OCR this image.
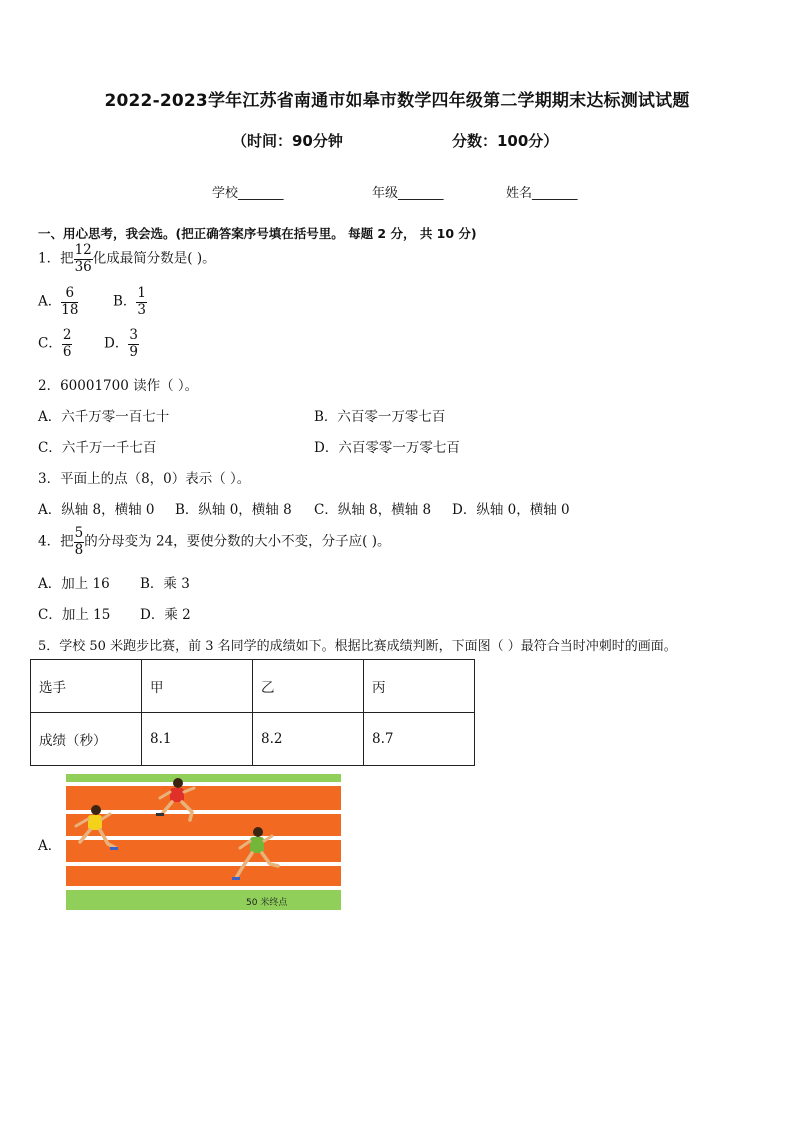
2022-2023学年江苏省南通市如皋市数学四年级第二学期期末达标测试试题
（时间：90分钟	分数：100分）
学校_______	年级_______	姓名_______
一、用心思考，我会选。(把正确答案序号填在括号里。 每题 2 分， 共 10 分)
1．把 $\frac{12}{36}$ 化成最简分数是( )。
A． $\frac{6}{18}$	B． $\frac{1}{3}$
C． $\frac{2}{6}$ D． $\frac{3}{9}$
2．60001700 读作（ ）。
A．六千万零一百七十	B．六百零一万零七百
C．六千万一千七百	D．六百零零一万零七百
3．平面上的点（8，0）表示（ ）。
A．纵轴 8，横轴 0 B．纵轴 0，横轴 8 C．纵轴 8，横轴 8 D．纵轴 0，横轴 0
4．把 $\frac{5}{8}$ 的分母变为 24，要使分数的大小不变，分子应( )。
A．加上 16 B．乘 3
C．加上 15 D．乘 2
5．学校 50 米跑步比赛，前 3 名同学的成绩如下。根据比赛成绩判断，下面图（ ）最符合当时冲刺时的画面。
选手	甲	乙	丙
成绩（秒）	8.1	8.2	8.7
A．
50 米终点
